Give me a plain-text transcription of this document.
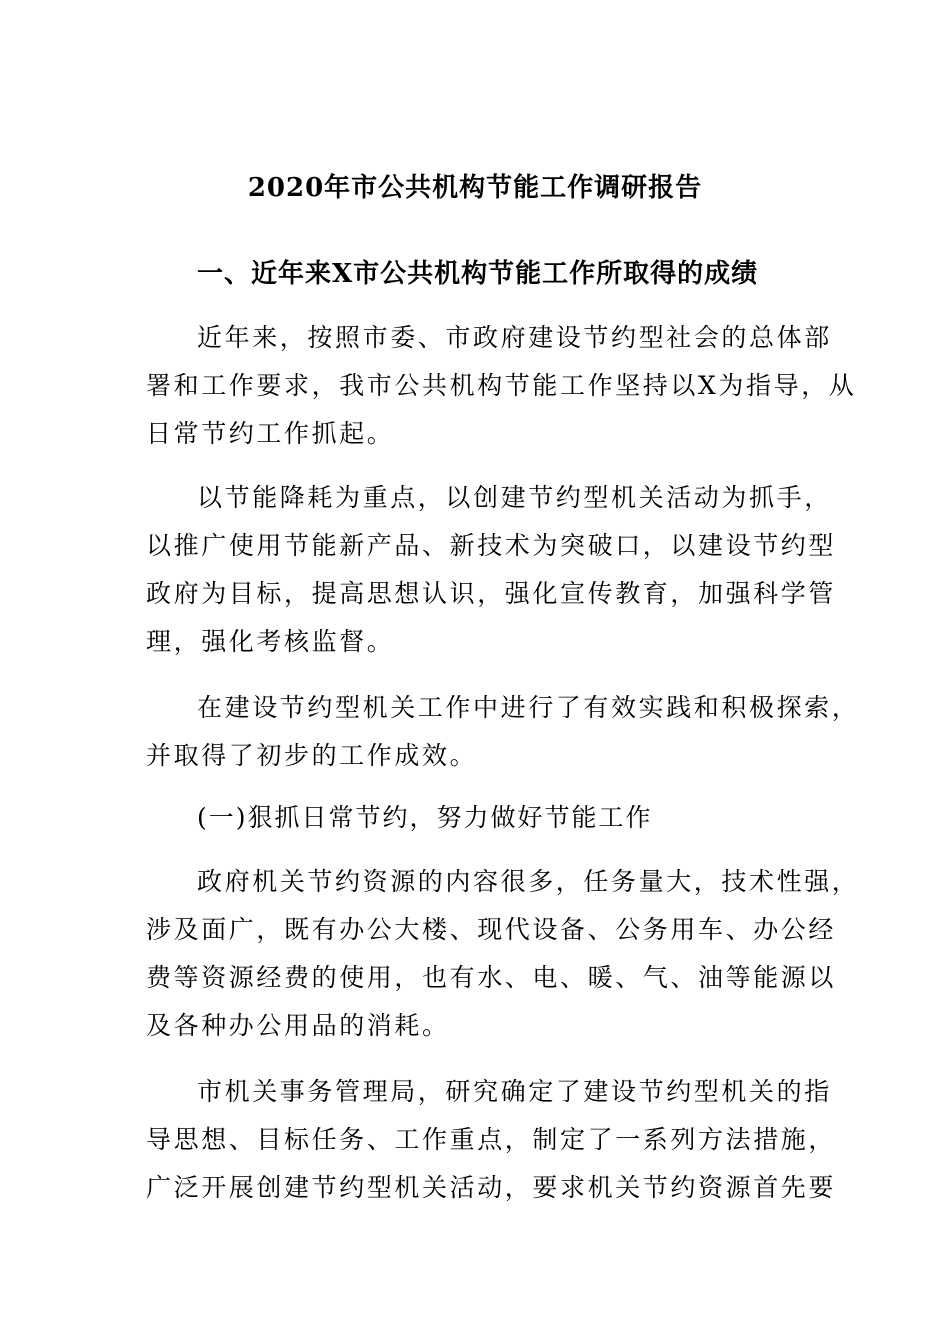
2020年市公共机构节能工作调研报告
一、近年来X市公共机构节能工作所取得的成绩

近年来，按照市委、市政府建设节约型社会的总体部
署和工作要求，我市公共机构节能工作坚持以X为指导，从
日常节约工作抓起。

以节能降耗为重点，以创建节约型机关活动为抓手，
以推广使用节能新产品、新技术为突破口，以建设节约型
政府为目标，提高思想认识，强化宣传教育，加强科学管
理，强化考核监督。

在建设节约型机关工作中进行了有效实践和积极探索，
并取得了初步的工作成效。

(一)狠抓日常节约，努力做好节能工作

政府机关节约资源的内容很多，任务量大，技术性强，
涉及面广，既有办公大楼、现代设备、公务用车、办公经
费等资源经费的使用，也有水、电、暖、气、油等能源以
及各种办公用品的消耗。

市机关事务管理局，研究确定了建设节约型机关的指
导思想、目标任务、工作重点，制定了一系列方法措施，
广泛开展创建节约型机关活动，要求机关节约资源首先要
